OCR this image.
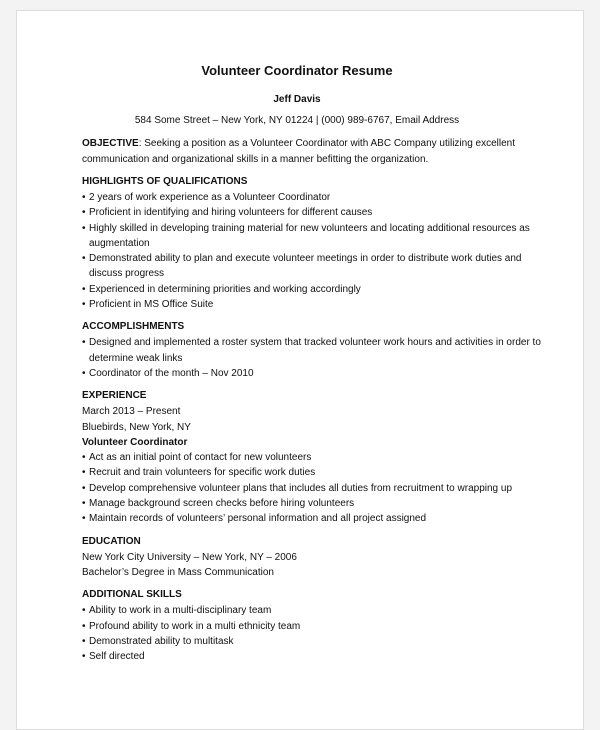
Volunteer Coordinator Resume
Jeff Davis
584 Some Street – New York, NY 01224 | (000) 989-6767, Email Address
OBJECTIVE: Seeking a position as a Volunteer Coordinator with ABC Company utilizing excellent communication and organizational skills in a manner befitting the organization.
HIGHLIGHTS OF QUALIFICATIONS
• 2 years of work experience as a Volunteer Coordinator
• Proficient in identifying and hiring volunteers for different causes
• Highly skilled in developing training material for new volunteers and locating additional resources as augmentation
• Demonstrated ability to plan and execute volunteer meetings in order to distribute work duties and discuss progress
• Experienced in determining priorities and working accordingly
• Proficient in MS Office Suite
ACCOMPLISHMENTS
• Designed and implemented a roster system that tracked volunteer work hours and activities in order to determine weak links
• Coordinator of the month – Nov 2010
EXPERIENCE
March 2013 – Present
Bluebirds, New York, NY
Volunteer Coordinator
• Act as an initial point of contact for new volunteers
• Recruit and train volunteers for specific work duties
• Develop comprehensive volunteer plans that includes all duties from recruitment to wrapping up
• Manage background screen checks before hiring volunteers
• Maintain records of volunteers’ personal information and all project assigned
EDUCATION
New York City University – New York, NY – 2006
Bachelor’s Degree in Mass Communication
ADDITIONAL SKILLS
• Ability to work in a multi-disciplinary team
• Profound ability to work in a multi ethnicity team
• Demonstrated ability to multitask
• Self directed
